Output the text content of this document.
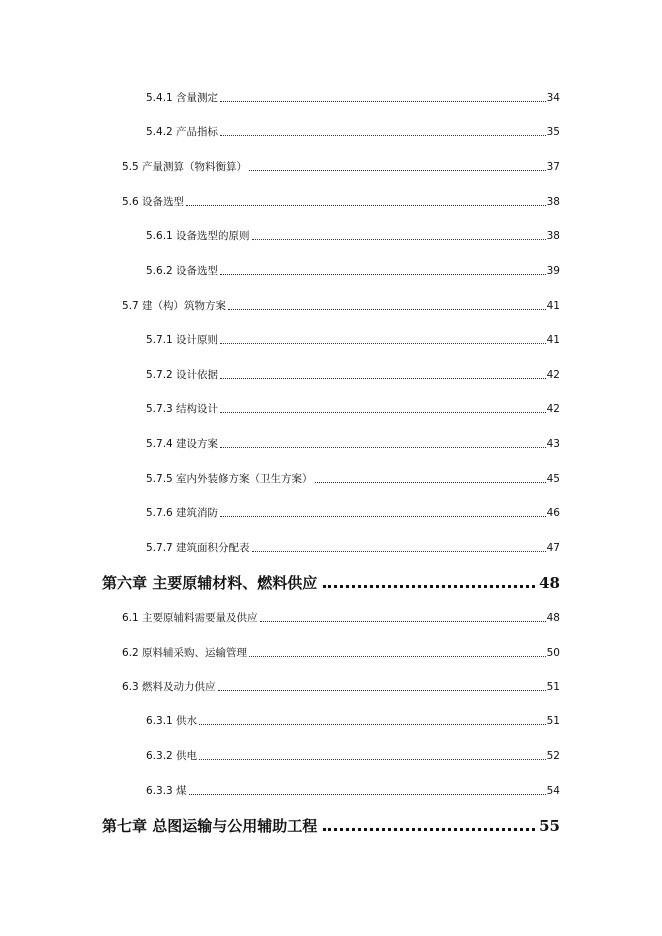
5.4.1 含量测定	34
5.4.2 产品指标	35
5.5 产量测算（物料衡算）	37
5.6 设备选型	38
5.6.1 设备选型的原则	38
5.6.2 设备选型	39
5.7 建（构）筑物方案	41
5.7.1 设计原则	41
5.7.2 设计依据	42
5.7.3 结构设计	42
5.7.4 建设方案	43
5.7.5 室内外装修方案（卫生方案）	45
5.7.6 建筑消防	46
5.7.7 建筑面积分配表	47
第六章 主要原辅材料、燃料供应	48
6.1 主要原辅料需要量及供应	48
6.2 原料辅采购、运输管理	50
6.3 燃料及动力供应	51
6.3.1 供水	51
6.3.2 供电	52
6.3.3 煤	54
第七章 总图运输与公用辅助工程	55
